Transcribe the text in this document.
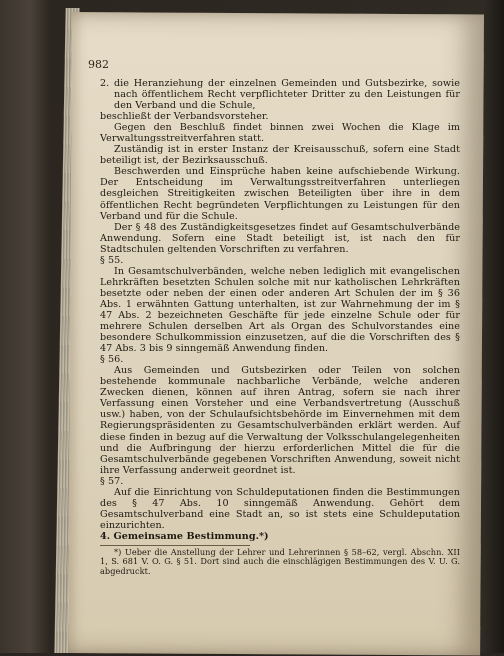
982

2. die Heranziehung der einzelnen Gemeinden und Gutsbezirke, sowie nach öffentlichem Recht verpflichteter Dritter zu den Leistungen für den Verband und die Schule,

beschließt der Verbandsvorsteher.

Gegen den Beschluß findet binnen zwei Wochen die Klage im Verwaltungsstreitverfahren statt.

Zuständig ist in erster Instanz der Kreisausschuß, sofern eine Stadt beteiligt ist, der Bezirksausschuß.

Beschwerden und Einsprüche haben keine aufschiebende Wirkung. Der Entscheidung im Verwaltungsstreitverfahren unterliegen desgleichen Streitigkeiten zwischen Beteiligten über ihre in dem öffentlichen Recht begründeten Verpflichtungen zu Leistungen für den Verband und für die Schule.

Der § 48 des Zuständigkeitsgesetzes findet auf Gesamtschulverbände Anwendung. Sofern eine Stadt beteiligt ist, ist nach den für Stadtschulen geltenden Vorschriften zu verfahren.

§ 55.

In Gesamtschulverbänden, welche neben lediglich mit evangelischen Lehrkräften besetzten Schulen solche mit nur katholischen Lehrkräften besetzte oder neben der einen oder anderen Art Schulen der im § 36 Abs. 1 erwähnten Gattung unterhalten, ist zur Wahrnehmung der im § 47 Abs. 2 bezeichneten Geschäfte für jede einzelne Schule oder für mehrere Schulen derselben Art als Organ des Schulvorstandes eine besondere Schulkommission einzusetzen, auf die die Vorschriften des § 47 Abs. 3 bis 9 sinngemäß Anwendung finden.

§ 56.

Aus Gemeinden und Gutsbezirken oder Teilen von solchen bestehende kommunale nachbarliche Verbände, welche anderen Zwecken dienen, können auf ihren Antrag, sofern sie nach ihrer Verfassung einen Vorsteher und eine Verbandsvertretung (Ausschuß usw.) haben, von der Schulaufsichtsbehörde im Einvernehmen mit dem Regierungspräsidenten zu Gesamtschulverbänden erklärt werden. Auf diese finden in bezug auf die Verwaltung der Volksschulangelegenheiten und die Aufbringung der hierzu erforderlichen Mittel die für die Gesamtschulverbände gegebenen Vorschriften Anwendung, soweit nicht ihre Verfassung anderweit geordnet ist.

§ 57.

Auf die Einrichtung von Schuldeputationen finden die Bestimmungen des § 47 Abs. 10 sinngemäß Anwendung. Gehört dem Gesamtschulverband eine Stadt an, so ist stets eine Schuldeputation einzurichten.

4. Gemeinsame Bestimmung.*)

*) Ueber die Anstellung der Lehrer und Lehrerinnen § 58–62, vergl. Abschn. XII 1, S. 681 V. O. G. § 51. Dort sind auch die einschlägigen Bestimmungen des V. U. G. abgedruckt.
